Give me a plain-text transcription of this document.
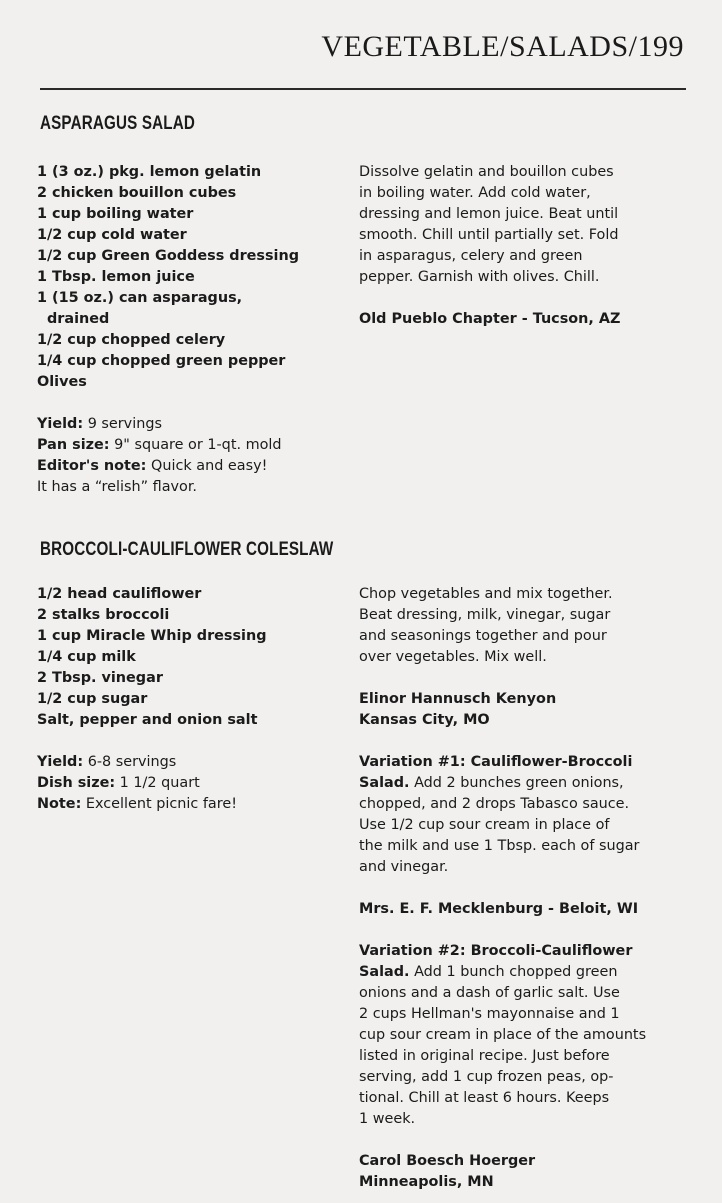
VEGETABLE/SALADS/199
ASPARAGUS SALAD
1 (3 oz.) pkg. lemon gelatin
2 chicken bouillon cubes
1 cup boiling water
1/2 cup cold water
1/2 cup Green Goddess dressing
1 Tbsp. lemon juice
1 (15 oz.) can asparagus,
drained
1/2 cup chopped celery
1/4 cup chopped green pepper
Olives
Yield: 9 servings
Pan size: 9" square or 1-qt. mold
Editor's note: Quick and easy!
It has a “relish” flavor.
Dissolve gelatin and bouillon cubes
in boiling water. Add cold water,
dressing and lemon juice. Beat until
smooth. Chill until partially set. Fold
in asparagus, celery and green
pepper. Garnish with olives. Chill.
Old Pueblo Chapter - Tucson, AZ
BROCCOLI-CAULIFLOWER COLESLAW
1/2 head cauliflower
2 stalks broccoli
1 cup Miracle Whip dressing
1/4 cup milk
2 Tbsp. vinegar
1/2 cup sugar
Salt, pepper and onion salt
Yield: 6-8 servings
Dish size: 1 1/2 quart
Note: Excellent picnic fare!
Chop vegetables and mix together.
Beat dressing, milk, vinegar, sugar
and seasonings together and pour
over vegetables. Mix well.
Elinor Hannusch Kenyon
Kansas City, MO
Variation #1: Cauliflower-Broccoli
Salad. Add 2 bunches green onions,
chopped, and 2 drops Tabasco sauce.
Use 1/2 cup sour cream in place of
the milk and use 1 Tbsp. each of sugar
and vinegar.
Mrs. E. F. Mecklenburg - Beloit, WI
Variation #2: Broccoli-Cauliflower
Salad. Add 1 bunch chopped green
onions and a dash of garlic salt. Use
2 cups Hellman's mayonnaise and 1
cup sour cream in place of the amounts
listed in original recipe. Just before
serving, add 1 cup frozen peas, op-
tional. Chill at least 6 hours. Keeps
1 week.
Carol Boesch Hoerger
Minneapolis, MN
